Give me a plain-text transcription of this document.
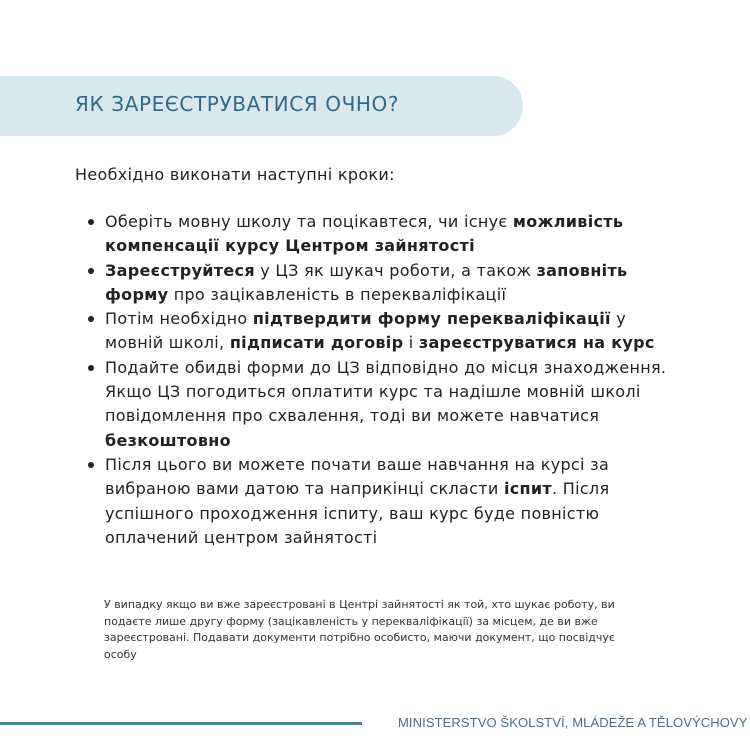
ЯК ЗАРЕЄСТРУВАТИСЯ ОЧНО?

Необхідно виконати наступні кроки:

Оберіть мовну школу та поцікавтеся, чи існує можливість компенсації курсу Центром зайнятості
Зареєструйтеся у ЦЗ як шукач роботи, а також заповніть форму про зацікавленість в перекваліфікації
Потім необхідно підтвердити форму перекваліфікації у мовній школі, підписати договір і зареєструватися на курс
Подайте обидві форми до ЦЗ відповідно до місця знаходження. Якщо ЦЗ погодиться оплатити курс та надішле мовній школі повідомлення про схвалення, тоді ви можете навчатися безкоштовно
Після цього ви можете почати ваше навчання на курсі за вибраною вами датою та наприкінці скласти іспит. Після успішного проходження іспиту, ваш курс буде повністю оплачений центром зайнятості

У випадку якщо ви вже зареєстровані в Центрі зайнятості як той, хто шукає роботу, ви подаєте лише другу форму (зацікавленість у перекваліфікації) за місцем, де ви вже зареєстровані. Подавати документи потрібно особисто, маючи документ, що посвідчує особу

MINISTERSTVO ŠKOLSTVÍ, MLÁDEŽE A TĚLOVÝCHOVY
